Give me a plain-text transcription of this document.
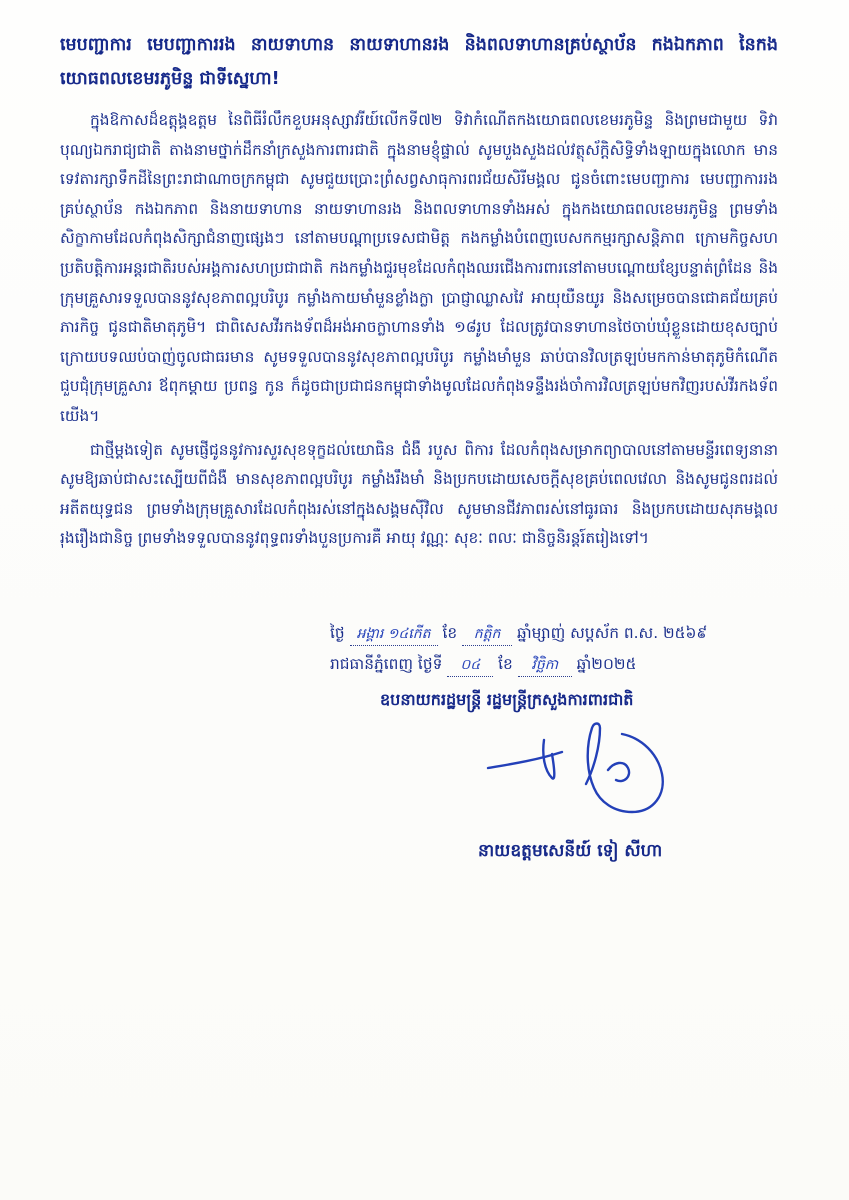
មេបញ្ជាការ មេបញ្ជាការរង នាយទាហាន នាយទាហានរង និងពលទាហានគ្រប់ស្ថាប័ន កងឯកភាព នៃកងយោធពលខេមរភូមិន្ទ ជាទីស្នេហា!

ក្នុងឱកាសដ៏ឧត្តុង្គឧត្តម នៃពិធីរំលឹកខួបអនុស្សាវរីយ៍លើកទី៧២ ទិវាកំណើតកងយោធពលខេមរភូមិន្ទ និងព្រមជាមួយ ទិវាបុណ្យឯករាជ្យជាតិ តាងនាមថ្នាក់ដឹកនាំក្រសួងការពារជាតិ ក្នុងនាមខ្ញុំផ្ទាល់ សូមបួងសួងដល់វត្ថុស័ក្តិសិទ្ធិទាំងឡាយក្នុងលោក មានទេវតារក្សាទឹកដីនៃព្រះរាជាណាចក្រកម្ពុជា សូមជួយប្រោះព្រំសព្វសាធុការពរជ័យសិរីមង្គល ជូនចំពោះមេបញ្ជាការ មេបញ្ជាការរង គ្រប់ស្ថាប័ន កងឯកភាព និងនាយទាហាន នាយទាហានរង និងពលទាហានទាំងអស់ ក្នុងកងយោធពលខេមរភូមិន្ទ ព្រមទាំងសិក្ខាកាមដែលកំពុងសិក្សាជំនាញផ្សេងៗ នៅតាមបណ្តាប្រទេសជាមិត្ត កងកម្លាំងបំពេញបេសកកម្មរក្សាសន្តិភាព ក្រោមកិច្ចសហប្រតិបត្តិការអន្តរជាតិរបស់អង្គការសហប្រជាជាតិ កងកម្លាំងជួរមុខដែលកំពុងឈរជើងការពារនៅតាមបណ្តោយខ្សែបន្ទាត់ព្រំដែន និងក្រុមគ្រួសារទទួលបាននូវសុខភាពល្អបរិបូរ កម្លាំងកាយមាំមួនខ្លាំងក្លា ប្រាជ្ញាឈ្លាសវៃ អាយុយឺនយូរ និងសម្រេចបានជោគជ័យគ្រប់ភារកិច្ច ជូនជាតិមាតុភូមិ។ ជាពិសេសវីរកងទ័ពដ៏អង់អាចក្លាហានទាំង ១៨រូប ដែលត្រូវបានទាហានថៃចាប់ឃុំខ្លួនដោយខុសច្បាប់ក្រោយបទឈប់បាញ់ចូលជាធរមាន សូមទទួលបាននូវសុខភាពល្អបរិបូរ កម្លាំងមាំមួន ឆាប់បានវិលត្រឡប់មកកាន់មាតុភូមិកំណើត ជួបជុំក្រុមគ្រួសារ ឪពុកម្តាយ ប្រពន្ធ កូន ក៏ដូចជាប្រជាជនកម្ពុជាទាំងមូលដែលកំពុងទន្ទឹងរង់ចាំការវិលត្រឡប់មកវិញរបស់វីរកងទ័ពយើង។

ជាថ្មីម្តងទៀត សូមផ្ញើជូននូវការសួរសុខទុក្ខដល់យោធិន ជំងឺ របួស ពិការ ដែលកំពុងសម្រាកព្យាបាលនៅតាមមន្ទីរពេទ្យនានា សូមឱ្យឆាប់ជាសះស្បើយពីជំងឺ មានសុខភាពល្អបរិបូរ កម្លាំងរឹងមាំ និងប្រកបដោយសេចក្តីសុខគ្រប់ពេលវេលា និងសូមជូនពរដល់អតីតយុទ្ធជន ព្រមទាំងក្រុមគ្រួសារដែលកំពុងរស់នៅក្នុងសង្គមស៊ីវិល សូមមានជីវភាពរស់នៅធូរធារ និងប្រកបដោយសុភមង្គលរុងរឿងជានិច្ច ព្រមទាំងទទួលបាននូវពុទ្ធពរទាំងបួនប្រការគឺ អាយុ វណ្ណៈ សុខៈ ពលៈ ជានិច្ចនិរន្តរ៍តរៀងទៅ។

ថ្ងៃ អង្គារ ១៤កើត ខែ កត្តិក ឆ្នាំម្សាញ់ សប្តស័ក ព.ស. ២៥៦៩
រាជធានីភ្នំពេញ ថ្ងៃទី ០៤ ខែ វិច្ឆិកា ឆ្នាំ២០២៥
ឧបនាយករដ្ឋមន្ត្រី រដ្ឋមន្ត្រីក្រសួងការពារជាតិ
នាយឧត្តមសេនីយ៍ ទៀ សីហា
